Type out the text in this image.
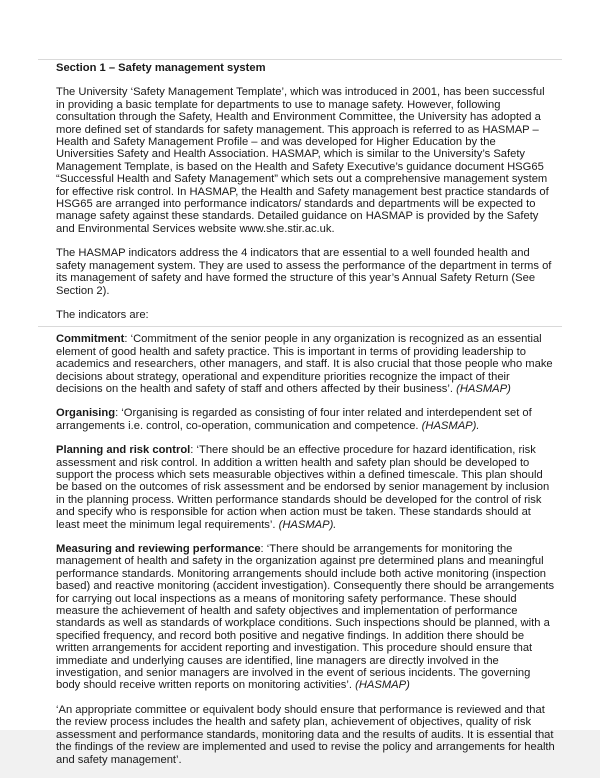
Section 1 – Safety management system
The University ‘Safety Management Template’, which was introduced in 2001, has been successful in providing a basic template for departments to use to manage safety. However, following consultation through the Safety, Health and Environment Committee, the University has adopted a more defined set of standards for safety management. This approach is referred to as HASMAP – Health and Safety Management Profile – and was developed for Higher Education by the Universities Safety and Health Association. HASMAP, which is similar to the University’s Safety Management Template, is based on the Health and Safety Executive’s guidance document HSG65 “Successful Health and Safety Management” which sets out a comprehensive management system for effective risk control. In HASMAP, the Health and Safety management best practice standards of HSG65 are arranged into performance indicators/ standards and departments will be expected to manage safety against these standards. Detailed guidance on HASMAP is provided by the Safety and Environmental Services website www.she.stir.ac.uk.
The HASMAP indicators address the 4 indicators that are essential to a well founded health and safety management system. They are used to assess the performance of the department in terms of its management of safety and have formed the structure of this year’s Annual Safety Return (See Section 2).
The indicators are:
Commitment: ‘Commitment of the senior people in any organization is recognized as an essential element of good health and safety practice. This is important in terms of providing leadership to academics and researchers, other managers, and staff. It is also crucial that those people who make decisions about strategy, operational and expenditure priorities recognize the impact of their decisions on the health and safety of staff and others affected by their business’. (HASMAP)
Organising: ‘Organising is regarded as consisting of four inter related and interdependent set of arrangements i.e. control, co-operation, communication and competence. (HASMAP).
Planning and risk control: ‘There should be an effective procedure for hazard identification, risk assessment and risk control. In addition a written health and safety plan should be developed to support the process which sets measurable objectives within a defined timescale. This plan should be based on the outcomes of risk assessment and be endorsed by senior management by inclusion in the planning process. Written performance standards should be developed for the control of risk and specify who is responsible for action when action must be taken. These standards should at least meet the minimum legal requirements’. (HASMAP).
Measuring and reviewing performance: ‘There should be arrangements for monitoring the management of health and safety in the organization against pre determined plans and meaningful performance standards. Monitoring arrangements should include both active monitoring (inspection based) and reactive monitoring (accident investigation). Consequently there should be arrangements for carrying out local inspections as a means of monitoring safety performance. These should measure the achievement of health and safety objectives and implementation of performance standards as well as standards of workplace conditions. Such inspections should be planned, with a specified frequency, and record both positive and negative findings. In addition there should be written arrangements for accident reporting and investigation. This procedure should ensure that immediate and underlying causes are identified, line managers are directly involved in the investigation, and senior managers are involved in the event of serious incidents. The governing body should receive written reports on monitoring activities’. (HASMAP)
‘An appropriate committee or equivalent body should ensure that performance is reviewed and that the review process includes the health and safety plan, achievement of objectives, quality of risk assessment and performance standards, monitoring data and the results of audits. It is essential that the findings of the review are implemented and used to revise the policy and arrangements for health and safety management’.
